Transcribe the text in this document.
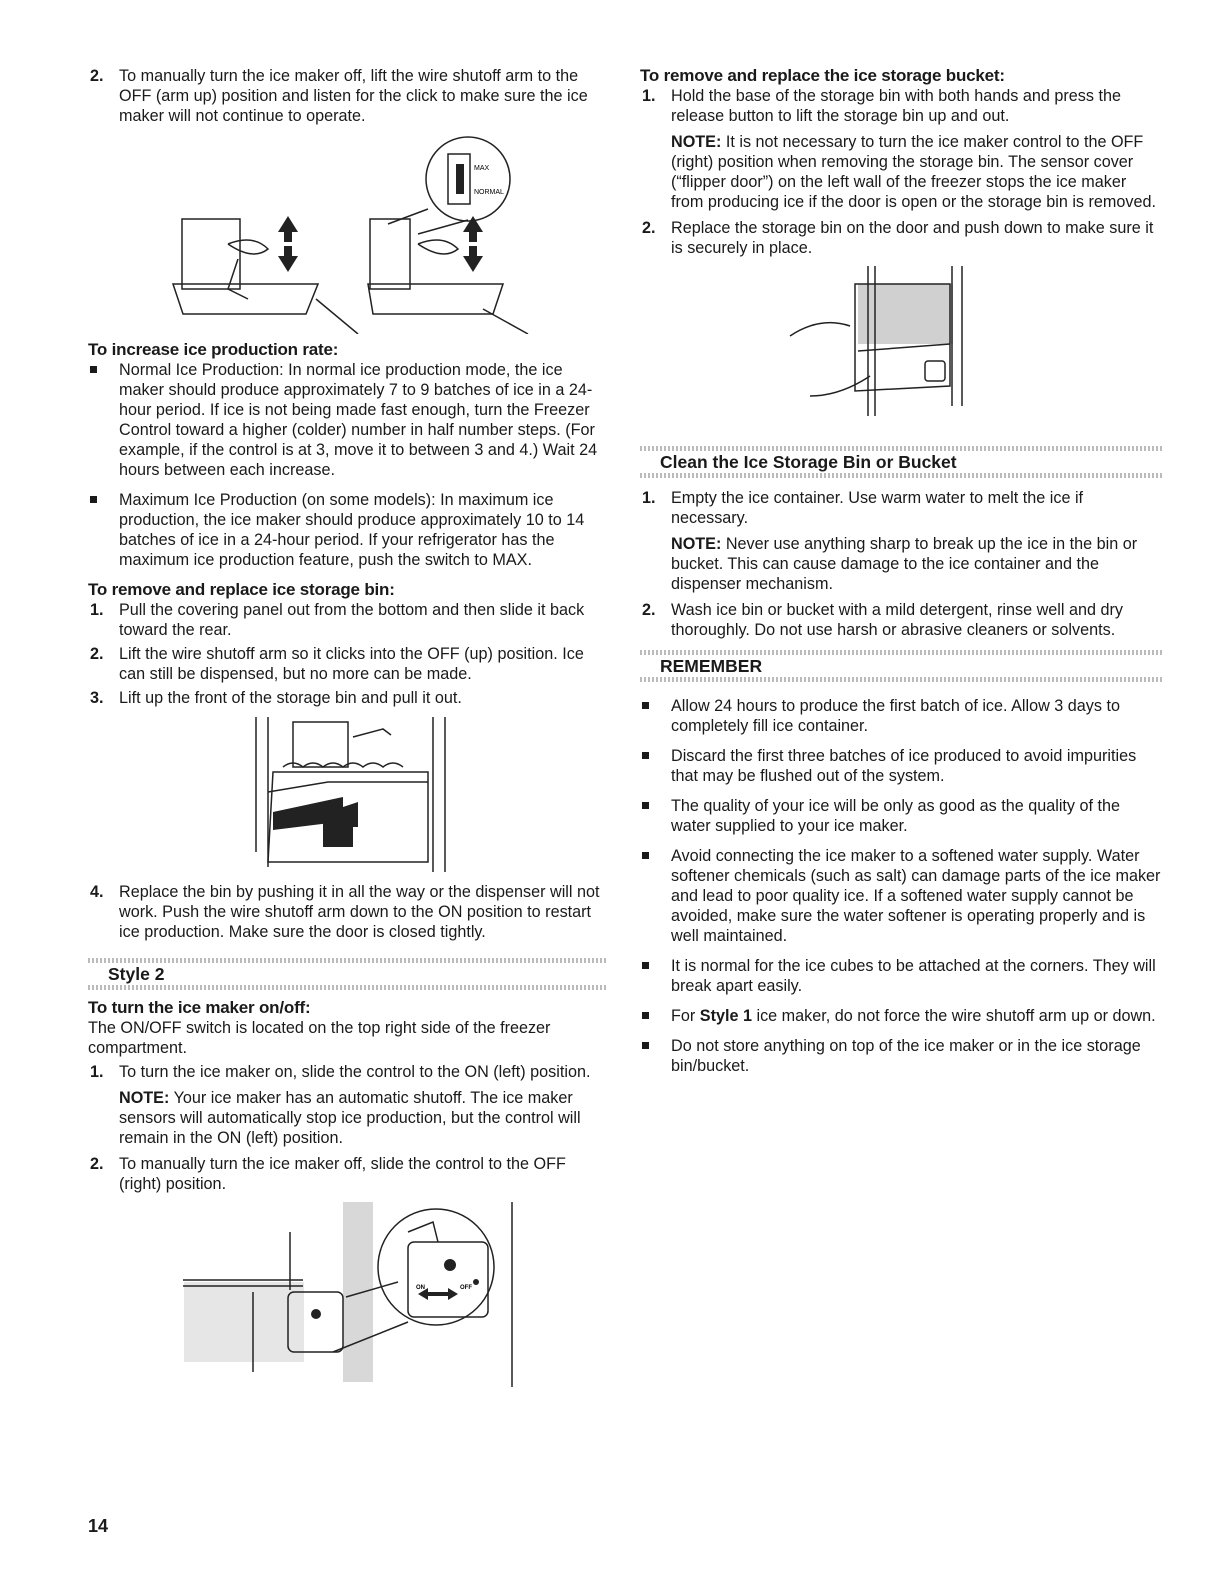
2. To manually turn the ice maker off, lift the wire shutoff arm to the OFF (arm up) position and listen for the click to make sure the ice maker will not continue to operate.
MAX
NORMAL

To increase ice production rate:

Normal Ice Production: In normal ice production mode, the ice maker should produce approximately 7 to 9 batches of ice in a 24-hour period. If ice is not being made fast enough, turn the Freezer Control toward a higher (colder) number in half number steps. (For example, if the control is at 3, move it to between 3 and 4.) Wait 24 hours between each increase.
Maximum Ice Production (on some models): In maximum ice production, the ice maker should produce approximately 10 to 14 batches of ice in a 24-hour period. If your refrigerator has the maximum ice production feature, push the switch to MAX.

To remove and replace ice storage bin:

1. Pull the covering panel out from the bottom and then slide it back toward the rear.
2. Lift the wire shutoff arm so it clicks into the OFF (up) position. Ice can still be dispensed, but no more can be made.
3. Lift up the front of the storage bin and pull it out.
4. Replace the bin by pushing it in all the way or the dispenser will not work. Push the wire shutoff arm down to the ON position to restart ice production. Make sure the door is closed tightly.
Style 2

To turn the ice maker on/off:

The ON/OFF switch is located on the top right side of the freezer compartment.

1. To turn the ice maker on, slide the control to the ON (left) position.
NOTE: Your ice maker has an automatic shutoff. The ice maker sensors will automatically stop ice production, but the control will remain in the ON (left) position.
2. To manually turn the ice maker off, slide the control to the OFF (right) position.
ON	OFF

To remove and replace the ice storage bucket:

1. Hold the base of the storage bin with both hands and press the release button to lift the storage bin up and out.
NOTE: It is not necessary to turn the ice maker control to the OFF (right) position when removing the storage bin. The sensor cover (“flipper door”) on the left wall of the freezer stops the ice maker from producing ice if the door is open or the storage bin is removed.
2. Replace the storage bin on the door and push down to make sure it is securely in place.
Clean the Ice Storage Bin or Bucket
1. Empty the ice container. Use warm water to melt the ice if necessary.
NOTE: Never use anything sharp to break up the ice in the bin or bucket. This can cause damage to the ice container and the dispenser mechanism.
2. Wash ice bin or bucket with a mild detergent, rinse well and dry thoroughly. Do not use harsh or abrasive cleaners or solvents.
REMEMBER
Allow 24 hours to produce the first batch of ice. Allow 3 days to completely fill ice container.
Discard the first three batches of ice produced to avoid impurities that may be flushed out of the system.
The quality of your ice will be only as good as the quality of the water supplied to your ice maker.
Avoid connecting the ice maker to a softened water supply. Water softener chemicals (such as salt) can damage parts of the ice maker and lead to poor quality ice. If a softened water supply cannot be avoided, make sure the water softener is operating properly and is well maintained.
It is normal for the ice cubes to be attached at the corners. They will break apart easily.
For Style 1 ice maker, do not force the wire shutoff arm up or down.
Do not store anything on top of the ice maker or in the ice storage bin/bucket.
14
